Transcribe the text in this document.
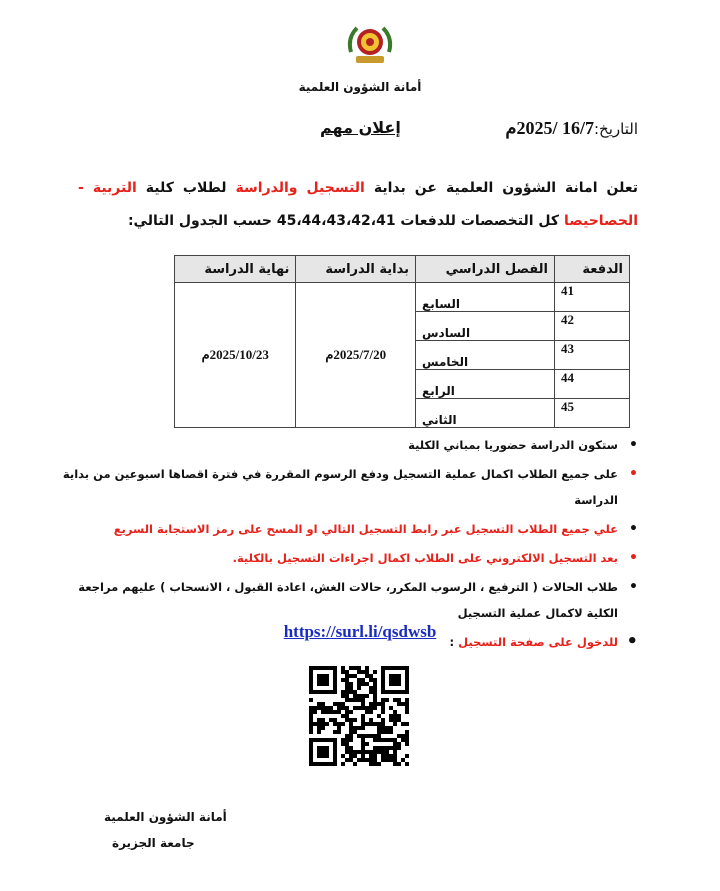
أمانة الشؤون العلمية
التاريخ:16/7 /2025م
إعلان مهم
تعلن امانة الشؤون العلمية عن بداية التسجيل والدراسة لطلاب كلية التربية - الحصاحيصا كل التخصصات للدفعات 45،44،43،42،41 حسب الجدول التالي:
الدفعة	الفصل الدراسي	بداية الدراسة	نهاية الدراسة
41	السابع	2025/7/20م	2025/10/23م
42	السادس		
43	الخامس		
44	الرابع		
45	الثاني		
• ستكون الدراسة حضوريا بمباني الكلية
• على جميع الطلاب اكمال عملية التسجيل ودفع الرسوم المقررة في فترة اقصاها اسبوعين من بداية الدراسة
• علي جميع الطلاب التسجيل عبر رابط التسجيل التالي او المسح على رمز الاستجابة السريع
• بعد التسجيل الالكتروني على الطلاب اكمال اجراءات التسجيل بالكلية.
• طلاب الحالات ( الترفيع ، الرسوب المكرر، حالات الغش، اعادة القبول ، الانسحاب ) عليهم مراجعة الكلية لاكمال عملية التسجيل
• للدخول على صفحة التسجيل :
https://surl.li/qsdwsb
أمانة الشؤون العلمية
جامعة الجزيرة
